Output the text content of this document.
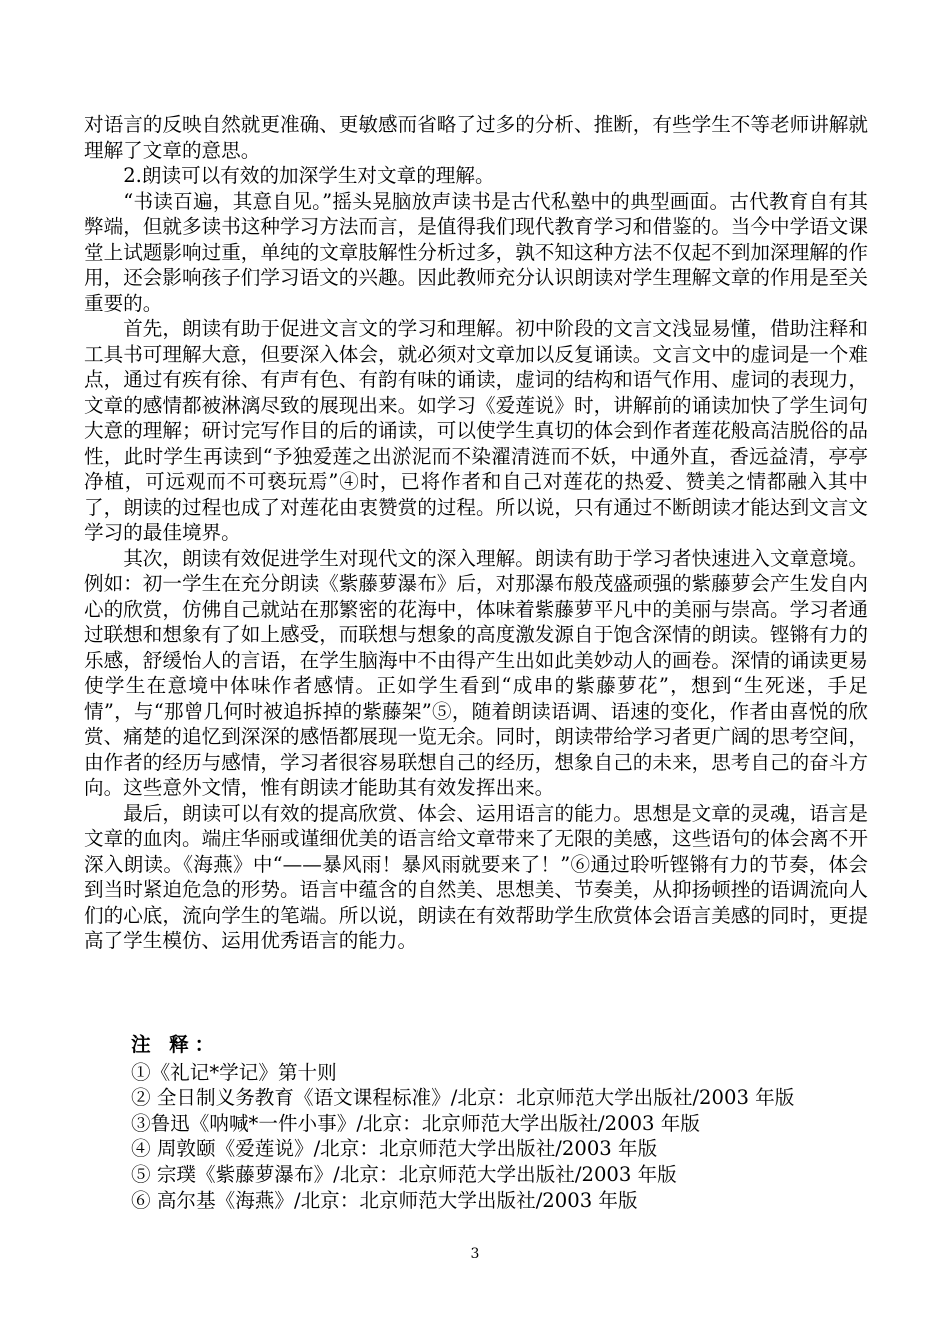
对语言的反映自然就更准确、更敏感而省略了过多的分析、推断，有些学生不等老师讲解就理解了文章的意思。

2.朗读可以有效的加深学生对文章的理解。

“书读百遍，其意自见。”摇头晃脑放声读书是古代私塾中的典型画面。古代教育自有其弊端，但就多读书这种学习方法而言，是值得我们现代教育学习和借鉴的。当今中学语文课堂上试题影响过重，单纯的文章肢解性分析过多，孰不知这种方法不仅起不到加深理解的作用，还会影响孩子们学习语文的兴趣。因此教师充分认识朗读对学生理解文章的作用是至关重要的。

首先，朗读有助于促进文言文的学习和理解。初中阶段的文言文浅显易懂，借助注释和工具书可理解大意，但要深入体会，就必须对文章加以反复诵读。文言文中的虚词是一个难点，通过有疾有徐、有声有色、有韵有味的诵读，虚词的结构和语气作用、虚词的表现力，文章的感情都被淋漓尽致的展现出来。如学习《爱莲说》时，讲解前的诵读加快了学生词句大意的理解；研讨完写作目的后的诵读，可以使学生真切的体会到作者莲花般高洁脱俗的品性，此时学生再读到“予独爱莲之出淤泥而不染濯清涟而不妖，中通外直，香远益清，亭亭净植，可远观而不可亵玩焉”④时，已将作者和自己对莲花的热爱、赞美之情都融入其中了，朗读的过程也成了对莲花由衷赞赏的过程。所以说，只有通过不断朗读才能达到文言文学习的最佳境界。

其次，朗读有效促进学生对现代文的深入理解。朗读有助于学习者快速进入文章意境。例如：初一学生在充分朗读《紫藤萝瀑布》后，对那瀑布般茂盛顽强的紫藤萝会产生发自内心的欣赏，仿佛自己就站在那繁密的花海中，体味着紫藤萝平凡中的美丽与崇高。学习者通过联想和想象有了如上感受，而联想与想象的高度激发源自于饱含深情的朗读。铿锵有力的乐感，舒缓怡人的言语，在学生脑海中不由得产生出如此美妙动人的画卷。深情的诵读更易使学生在意境中体味作者感情。正如学生看到“成串的紫藤萝花”，想到“生死迷，手足情”，与“那曾几何时被追拆掉的紫藤架”⑤，随着朗读语调、语速的变化，作者由喜悦的欣赏、痛楚的追忆到深深的感悟都展现一览无余。同时，朗读带给学习者更广阔的思考空间，由作者的经历与感情，学习者很容易联想自己的经历，想象自己的未来，思考自己的奋斗方向。这些意外文情，惟有朗读才能助其有效发挥出来。

最后，朗读可以有效的提高欣赏、体会、运用语言的能力。思想是文章的灵魂，语言是文章的血肉。端庄华丽或谨细优美的语言给文章带来了无限的美感，这些语句的体会离不开深入朗读。《海燕》中“——暴风雨！暴风雨就要来了！”⑥通过聆听铿锵有力的节奏，体会到当时紧迫危急的形势。语言中蕴含的自然美、思想美、节奏美，从抑扬顿挫的语调流向人们的心底，流向学生的笔端。所以说，朗读在有效帮助学生欣赏体会语言美感的同时，更提高了学生模仿、运用优秀语言的能力。

注 释：

①《礼记*学记》第十则

② 全日制义务教育《语文课程标准》/北京：北京师范大学出版社/2003 年版

③鲁迅《呐喊*一件小事》/北京：北京师范大学出版社/2003 年版

④ 周敦颐《爱莲说》/北京：北京师范大学出版社/2003 年版

⑤ 宗璞《紫藤萝瀑布》/北京：北京师范大学出版社/2003 年版

⑥ 高尔基《海燕》/北京：北京师范大学出版社/2003 年版

3
